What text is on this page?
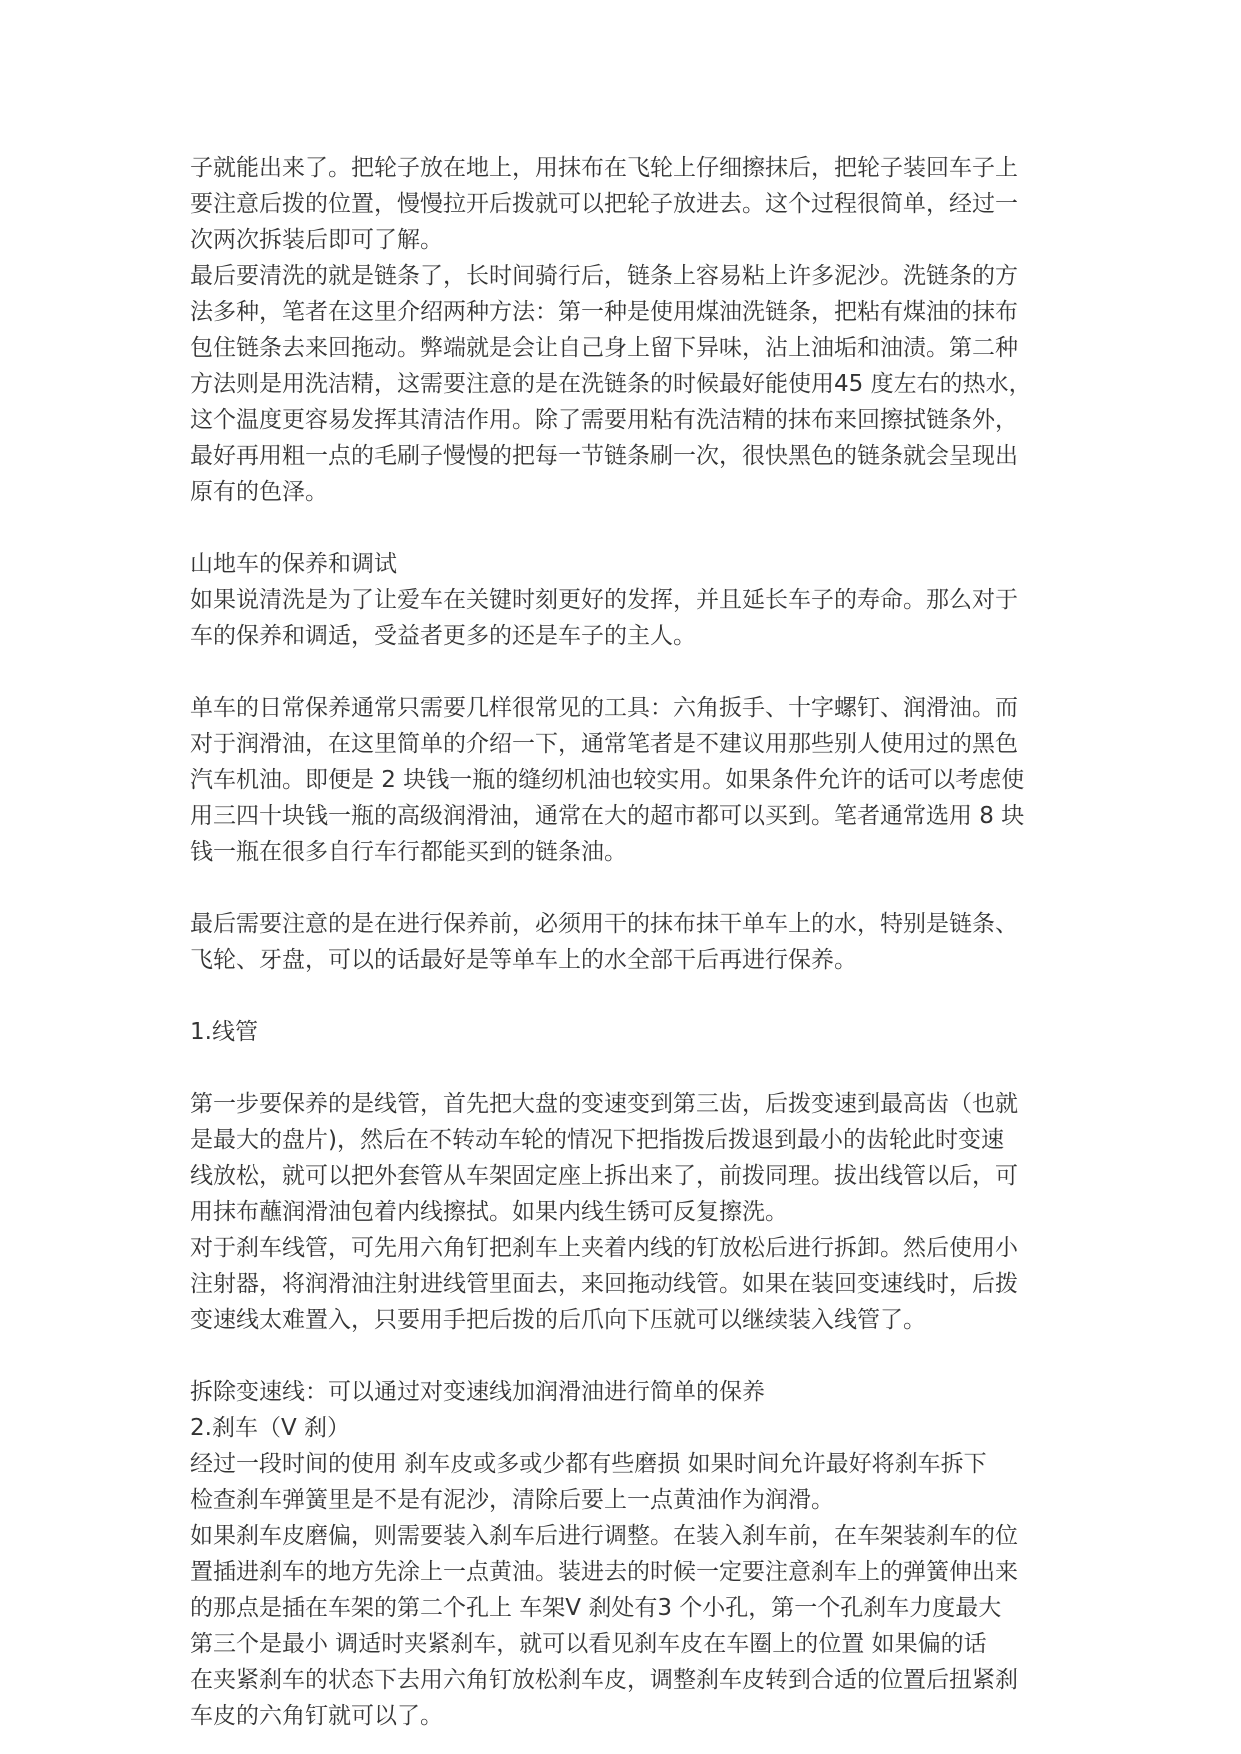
子就能出来了。把轮子放在地上，用抹布在飞轮上仔细擦抹后，把轮子装回车子上
要注意后拨的位置，慢慢拉开后拨就可以把轮子放进去。这个过程很简单，经过一
次两次拆装后即可了解。
最后要清洗的就是链条了，长时间骑行后，链条上容易粘上许多泥沙。洗链条的方
法多种，笔者在这里介绍两种方法：第一种是使用煤油洗链条，把粘有煤油的抹布
包住链条去来回拖动。弊端就是会让自己身上留下异味，沾上油垢和油渍。第二种
方法则是用洗洁精，这需要注意的是在洗链条的时候最好能使用45 度左右的热水，
这个温度更容易发挥其清洁作用。除了需要用粘有洗洁精的抹布来回擦拭链条外，
最好再用粗一点的毛刷子慢慢的把每一节链条刷一次，很快黑色的链条就会呈现出
原有的色泽。
山地车的保养和调试
如果说清洗是为了让爱车在关键时刻更好的发挥，并且延长车子的寿命。那么对于
车的保养和调适，受益者更多的还是车子的主人。
单车的日常保养通常只需要几样很常见的工具：六角扳手、十字螺钉、润滑油。而
对于润滑油，在这里简单的介绍一下，通常笔者是不建议用那些别人使用过的黑色
汽车机油。即便是 2 块钱一瓶的缝纫机油也较实用。如果条件允许的话可以考虑使
用三四十块钱一瓶的高级润滑油，通常在大的超市都可以买到。笔者通常选用 8 块
钱一瓶在很多自行车行都能买到的链条油。
最后需要注意的是在进行保养前，必须用干的抹布抹干单车上的水，特别是链条、
飞轮、牙盘，可以的话最好是等单车上的水全部干后再进行保养。
1.线管
第一步要保养的是线管，首先把大盘的变速变到第三齿，后拨变速到最高齿（也就
是最大的盘片)，然后在不转动车轮的情况下把指拨后拨退到最小的齿轮此时变速
线放松，就可以把外套管从车架固定座上拆出来了，前拨同理。拔出线管以后，可
用抹布蘸润滑油包着内线擦拭。如果内线生锈可反复擦洗。
对于刹车线管，可先用六角钉把刹车上夹着内线的钉放松后进行拆卸。然后使用小
注射器，将润滑油注射进线管里面去，来回拖动线管。如果在装回变速线时，后拨
变速线太难置入，只要用手把后拨的后爪向下压就可以继续装入线管了。
拆除变速线：可以通过对变速线加润滑油进行简单的保养
2.刹车（V 刹）
经过一段时间的使用 刹车皮或多或少都有些磨损 如果时间允许最好将刹车拆下
检查刹车弹簧里是不是有泥沙，清除后要上一点黄油作为润滑。
如果刹车皮磨偏，则需要装入刹车后进行调整。在装入刹车前，在车架装刹车的位
置插进刹车的地方先涂上一点黄油。装进去的时候一定要注意刹车上的弹簧伸出来
的那点是插在车架的第二个孔上 车架V 刹处有3 个小孔，第一个孔刹车力度最大
第三个是最小 调适时夹紧刹车，就可以看见刹车皮在车圈上的位置 如果偏的话
在夹紧刹车的状态下去用六角钉放松刹车皮，调整刹车皮转到合适的位置后扭紧刹
车皮的六角钉就可以了。
